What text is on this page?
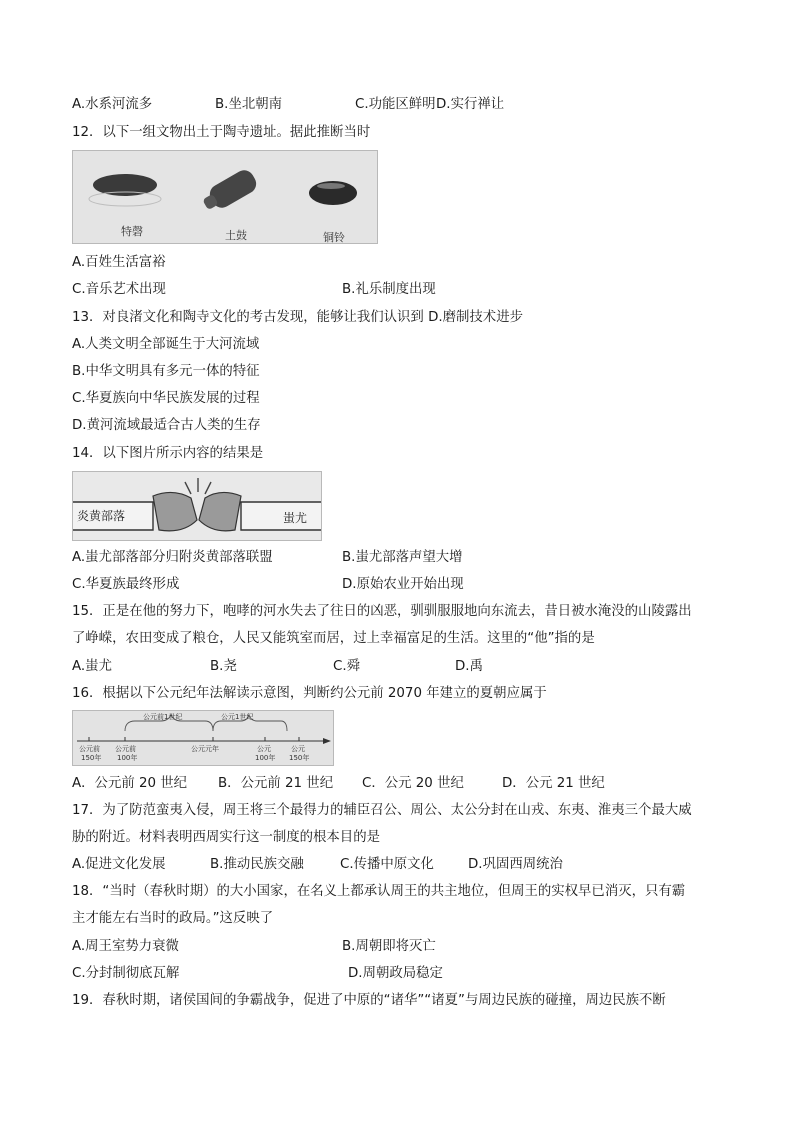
A.水系河流多	B.坐北朝南	C.功能区鲜明 D.实行禅让
12．以下一组文物出土于陶寺遗址。据此推断当时
特磬	土鼓	铜铃
A.百姓生活富裕
C.音乐艺术出现	B.礼乐制度出现
13．对良渚文化和陶寺文化的考古发现，能够让我们认识到 D.磨制技术进步
A.人类文明全部诞生于大河流域
B.中华文明具有多元一体的特征
C.华夏族向中华民族发展的过程
D.黄河流域最适合古人类的生存
14．以下图片所示内容的结果是
炎黄部落	蚩尤
A.蚩尤部落部分归附炎黄部落联盟	B.蚩尤部落声望大增
C.华夏族最终形成	D.原始农业开始出现
15．正是在他的努力下，咆哮的河水失去了往日的凶恶，驯驯服服地向东流去，昔日被水淹没的山陵露出
了峥嵘，农田变成了粮仓，人民又能筑室而居，过上幸福富足的生活。这里的“他”指的是
A.蚩尤	B.尧	C.舜	D.禹
16．根据以下公元纪年法解读示意图，判断约公元前 2070 年建立的夏朝应属于
公元前1世纪	公元1世纪
公元前
150年
公元前
100年
公元元年	公元
100年
公元
150年
A．公元前 20 世纪 B．公元前 21 世纪 C．公元 20 世纪	D．公元 21 世纪
17．为了防范蛮夷入侵，周王将三个最得力的辅臣召公、周公、太公分封在山戎、东夷、淮夷三个最大威
胁的附近。材料表明西周实行这一制度的根本目的是
A.促进文化发展	B.推动民族交融	C.传播中原文化	D.巩固西周统治
18．“当时（春秋时期）的大小国家，在名义上都承认周王的共主地位，但周王的实权早已消灭，只有霸
主才能左右当时的政局。”这反映了
A.周王室势力衰微	B.周朝即将灭亡
C.分封制彻底瓦解	D.周朝政局稳定
19．春秋时期，诸侯国间的争霸战争，促进了中原的“诸华”“诸夏”与周边民族的碰撞，周边民族不断
